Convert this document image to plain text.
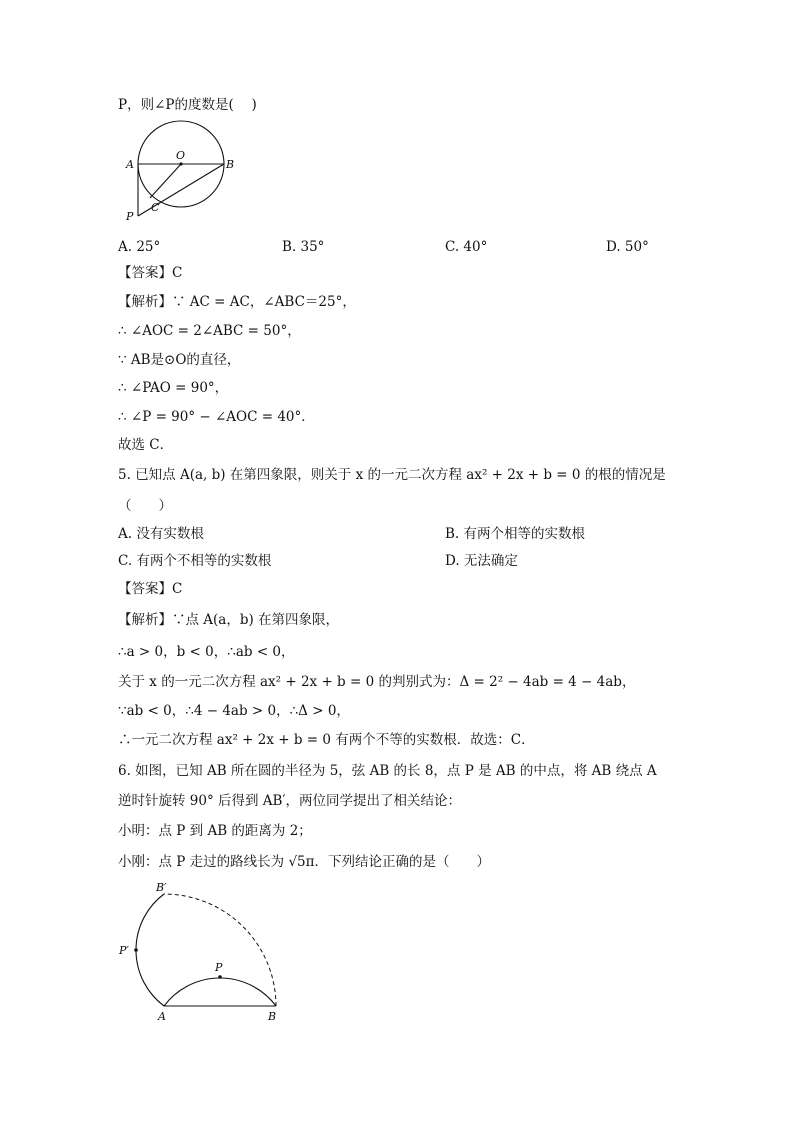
P，则∠P的度数是(　 )
A
O
B
C
P
A. 25°	B. 35°	C. 40°	D. 50°
【答案】C
【解析】∵ AC = AC，∠ABC＝25°，
∴ ∠AOC = 2∠ABC = 50°，
∵ AB是⊙O的直径，
∴ ∠PAO = 90°，
∴ ∠P = 90° − ∠AOC = 40°．
故选 C．
5. 已知点 A(a, b) 在第四象限，则关于 x 的一元二次方程 ax² + 2x + b = 0 的根的情况是
（　　）
A. 没有实数根	B. 有两个相等的实数根
C. 有两个不相等的实数根	D. 无法确定
【答案】C
【解析】∵点 A(a，b) 在第四象限，
∴a > 0，b < 0，∴ab < 0，
关于 x 的一元二次方程 ax² + 2x + b = 0 的判别式为：Δ = 2² − 4ab = 4 − 4ab，
∵ab < 0，∴4 − 4ab > 0，∴Δ > 0，
∴一元二次方程 ax² + 2x + b = 0 有两个不等的实数根．故选：C．
6. 如图，已知 AB 所在圆的半径为 5，弦 AB 的长 8，点 P 是 AB 的中点，将 AB 绕点 A
逆时针旋转 90° 后得到 AB′，两位同学提出了相关结论：
小明：点 P 到 AB 的距离为 2；
小刚：点 P 走过的路线长为 √5π．下列结论正确的是（　　）
B′
P′
P
A	B
